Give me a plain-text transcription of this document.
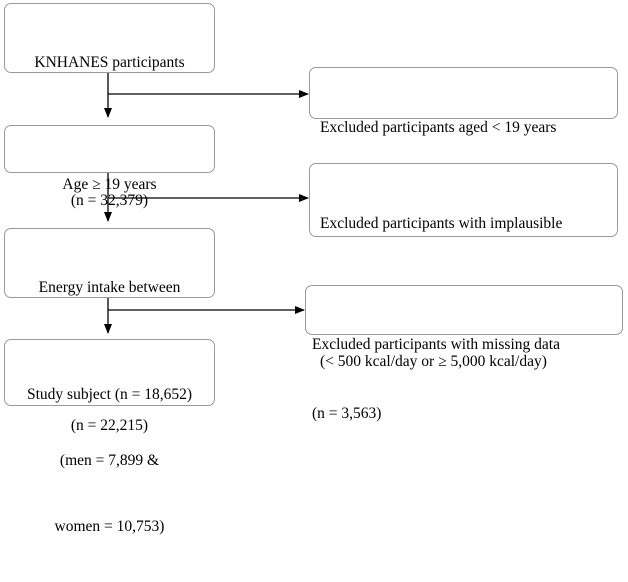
KNHANES participants

(n = 32,379)

Excluded participants aged < 19 years

Age ≥ 19 years

Excluded participants with implausible

(< 500 kcal/day or ≥ 5,000 kcal/day)

Energy intake between

(n = 22,215)

Excluded participants with missing data

(n = 3,563)

Study subject (n = 18,652)

(men = 7,899 &

women = 10,753)
